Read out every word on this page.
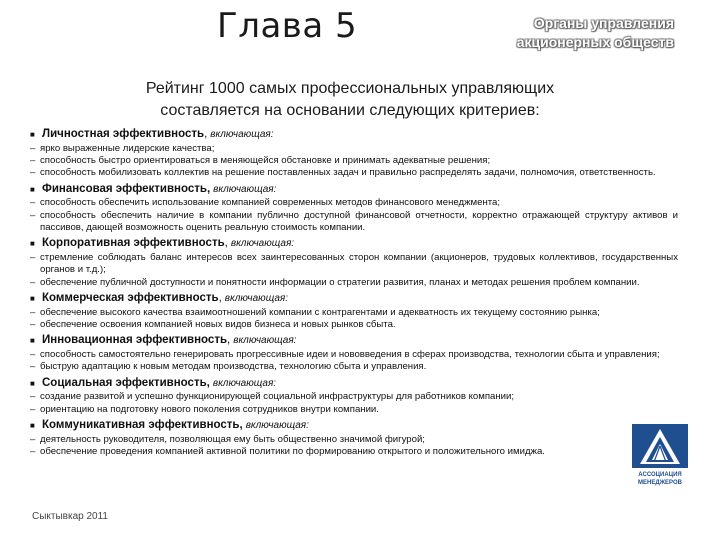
Глава 5	Органы управления
акционерных обществ
Рейтинг 1000 самых профессиональных управляющих
составляется на основании следующих критериев:
■ Личностная эффективность , включающая:
– ярко выраженные лидерские качества;
– способность быстро ориентироваться в меняющейся обстановке и принимать адекватные решения;
– способность мобилизовать коллектив на решение поставленных задач и правильно распределять задачи, полномочия, ответственность.
■ Финансовая эффективность, включающая:
– способность обеспечить использование компанией современных методов финансового менеджмента;
– способность обеспечить наличие в компании публично доступной финансовой отчетности, корректно отражающей структуру активов и пассивов, дающей возможность оценить реальную стоимость компании.
■ Корпоративная эффективность , включающая:
– стремление соблюдать баланс интересов всех заинтересованных сторон компании (акционеров, трудовых коллективов, государственных органов и т.д.);
– обеспечение публичной доступности и понятности информации о стратегии развития, планах и методах решения проблем компании.
■ Коммерческая эффективность , включающая:
– обеспечение высокого качества взаимоотношений компании с контрагентами и адекватность их текущему состоянию рынка;
– обеспечение освоения компанией новых видов бизнеса и новых рынков сбыта.
■ Инновационная эффективность , включающая:
– способность самостоятельно генерировать прогрессивные идеи и нововведения в сферах производства, технологии сбыта и управления;
– быструю адаптацию к новым методам производства, технологию сбыта и управления.
■ Социальная эффективность, включающая:
– создание развитой и успешно функционирующей социальной инфраструктуры для работников компании;
– ориентацию на подготовку нового поколения сотрудников внутри компании.
■ Коммуникативная эффективность, включающая:
– деятельность руководителя, позволяющая ему быть общественно значимой фигурой;
– обеспечение проведения компанией активной политики по формированию открытого и положительного имиджа.
Сыктывкар 2011
АССОЦИАЦИЯ
МЕНЕДЖЕРОВ
